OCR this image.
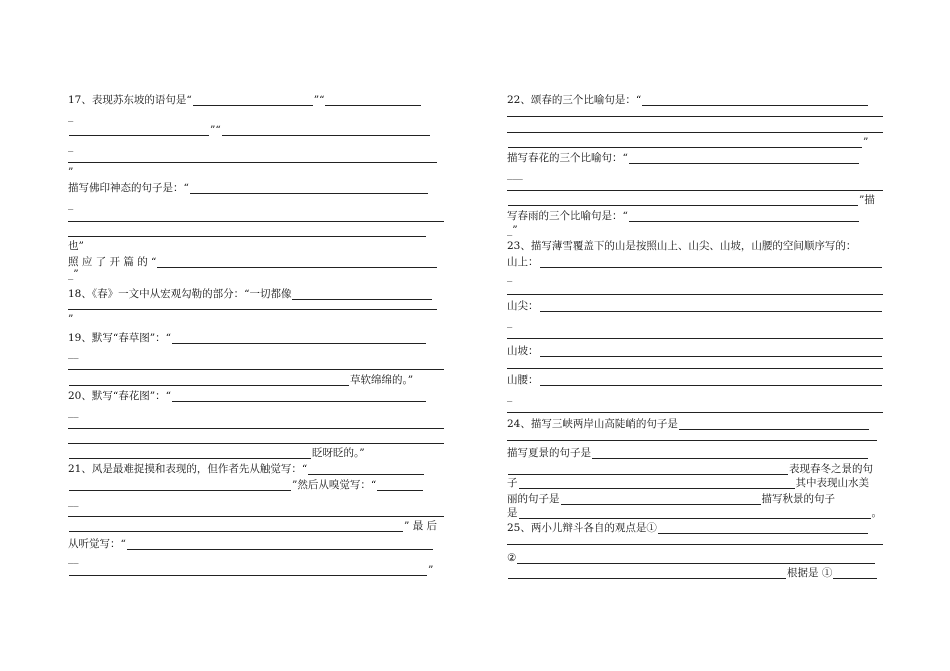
17、表现苏东坡的语句是“	”“
_
”“
_
”
描写佛印神态的句子是：“
_
也”
照 应 了 开 篇 的 “
_”
18、《春》一文中从宏观勾勒的部分：“一切都像
”
19、默写“春草图”：“
__
草软绵绵的。”
20、默写“春花图”：“
__
眨呀眨的。”
21、风是最难捉摸和表现的，但作者先从触觉写：“
”然后从嗅觉写：“
__
” 最 后
从听觉写：“
__
”
22、颂春的三个比喻句是：“
”
描写春花的三个比喻句：“
___
”描
写春雨的三个比喻句是：“
_”
23、描写薄雪覆盖下的山是按照山上、山尖、山坡，山腰的空间顺序写的：
山上：
_
山尖：
_
山坡：
山腰：
_
24、描写三峡两岸山高陡峭的句子是
描写夏景的句子是
表现春冬之景的句
子	其中表现山水美
丽的句子是	描写秋景的句子
是	。
25、两小儿辩斗各自的观点是①
②
根据是 ①
